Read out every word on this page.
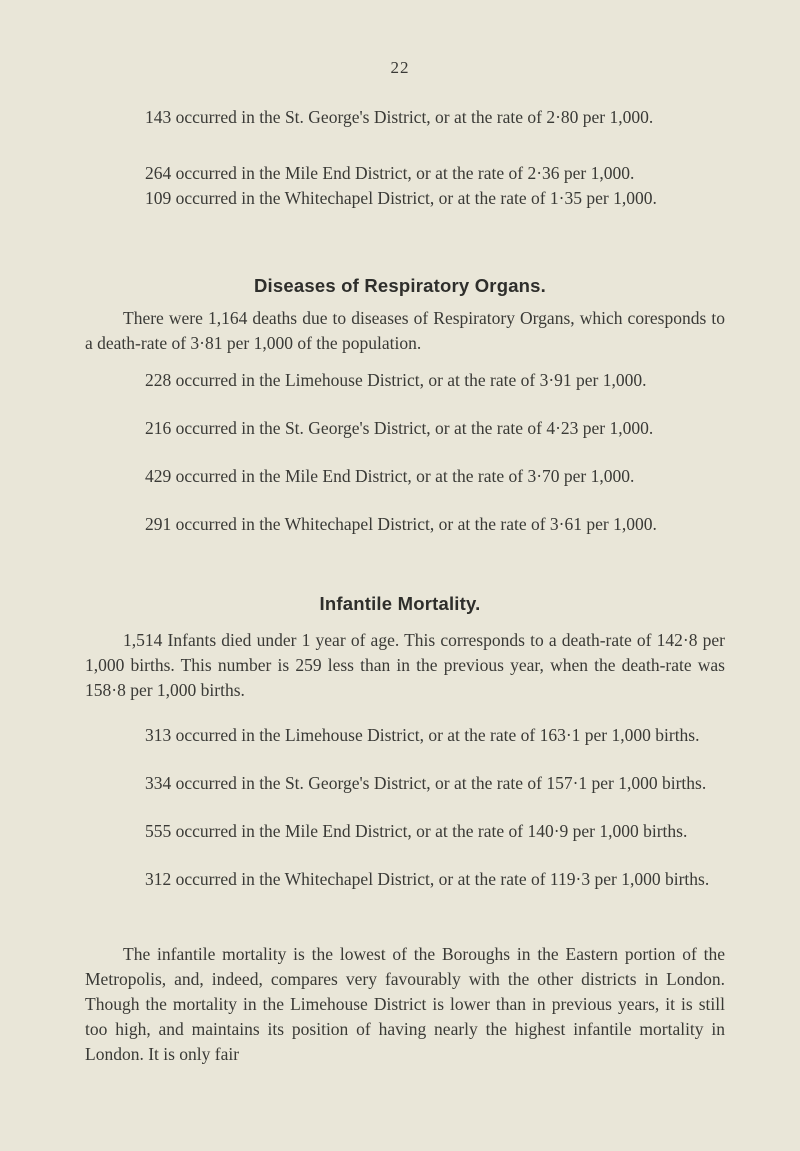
22
143 occurred in the St. George's District, or at the rate of 2·80 per 1,000.
264 occurred in the Mile End District, or at the rate of 2·36 per 1,000.
109 occurred in the Whitechapel District, or at the rate of 1·35 per 1,000.
Diseases of Respiratory Organs.
There were 1,164 deaths due to diseases of Respiratory Organs, which coresponds to a death-rate of 3·81 per 1,000 of the population.
228 occurred in the Limehouse District, or at the rate of 3·91 per 1,000.
216 occurred in the St. George's District, or at the rate of 4·23 per 1,000.
429 occurred in the Mile End District, or at the rate of 3·70 per 1,000.
291 occurred in the Whitechapel District, or at the rate of 3·61 per 1,000.
Infantile Mortality.
1,514 Infants died under 1 year of age. This corresponds to a death-rate of 142·8 per 1,000 births. This number is 259 less than in the previous year, when the death-rate was 158·8 per 1,000 births.
313 occurred in the Limehouse District, or at the rate of 163·1 per 1,000 births.
334 occurred in the St. George's District, or at the rate of 157·1 per 1,000 births.
555 occurred in the Mile End District, or at the rate of 140·9 per 1,000 births.
312 occurred in the Whitechapel District, or at the rate of 119·3 per 1,000 births.
The infantile mortality is the lowest of the Boroughs in the Eastern portion of the Metropolis, and, indeed, compares very favourably with the other districts in London. Though the mortality in the Limehouse District is lower than in previous years, it is still too high, and maintains its position of having nearly the highest infantile mortality in London. It is only fair
